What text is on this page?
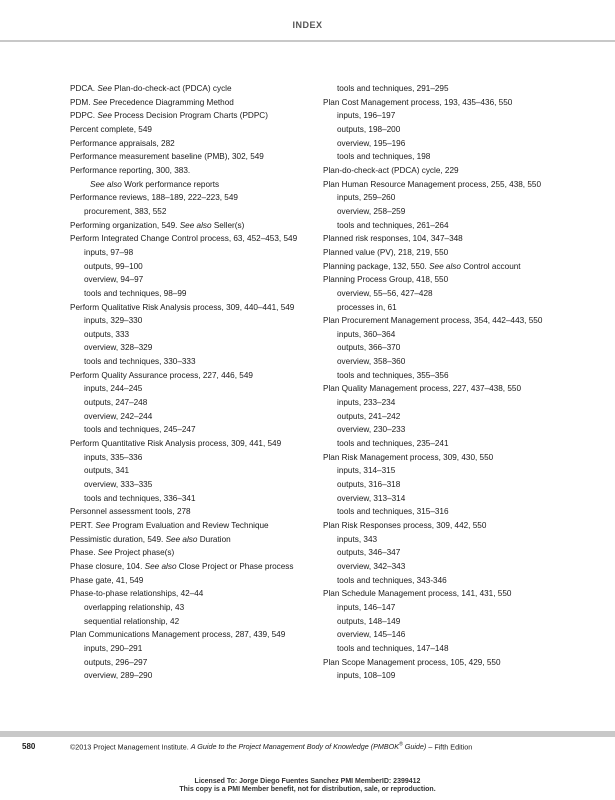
INDEX
PDCA. See Plan-do-check-act (PDCA) cycle
PDM. See Precedence Diagramming Method
PDPC. See Process Decision Program Charts (PDPC)
Percent complete, 549
Performance appraisals, 282
Performance measurement baseline (PMB), 302, 549
Performance reporting, 300, 383.
See also Work performance reports
Performance reviews, 188–189, 222–223, 549
procurement, 383, 552
Performing organization, 549. See also Seller(s)
Perform Integrated Change Control process, 63, 452–453, 549
inputs, 97–98
outputs, 99–100
overview, 94–97
tools and techniques, 98–99
Perform Qualitative Risk Analysis process, 309, 440–441, 549
inputs, 329–330
outputs, 333
overview, 328–329
tools and techniques, 330–333
Perform Quality Assurance process, 227, 446, 549
inputs, 244–245
outputs, 247–248
overview, 242–244
tools and techniques, 245–247
Perform Quantitative Risk Analysis process, 309, 441, 549
inputs, 335–336
outputs, 341
overview, 333–335
tools and techniques, 336–341
Personnel assessment tools, 278
PERT. See Program Evaluation and Review Technique
Pessimistic duration, 549. See also Duration
Phase. See Project phase(s)
Phase closure, 104. See also Close Project or Phase process
Phase gate, 41, 549
Phase-to-phase relationships, 42–44
overlapping relationship, 43
sequential relationship, 42
Plan Communications Management process, 287, 439, 549
inputs, 290–291
outputs, 296–297
overview, 289–290
tools and techniques, 291–295
Plan Cost Management process, 193, 435–436, 550
inputs, 196–197
outputs, 198–200
overview, 195–196
tools and techniques, 198
Plan-do-check-act (PDCA) cycle, 229
Plan Human Resource Management process, 255, 438, 550
inputs, 259–260
overview, 258–259
tools and techniques, 261–264
Planned risk responses, 104, 347–348
Planned value (PV), 218, 219, 550
Planning package, 132, 550. See also Control account
Planning Process Group, 418, 550
overview, 55–56, 427–428
processes in, 61
Plan Procurement Management process, 354, 442–443, 550
inputs, 360–364
outputs, 366–370
overview, 358–360
tools and techniques, 355–356
Plan Quality Management process, 227, 437–438, 550
inputs, 233–234
outputs, 241–242
overview, 230–233
tools and techniques, 235–241
Plan Risk Management process, 309, 430, 550
inputs, 314–315
outputs, 316–318
overview, 313–314
tools and techniques, 315–316
Plan Risk Responses process, 309, 442, 550
inputs, 343
outputs, 346–347
overview, 342–343
tools and techniques, 343-346
Plan Schedule Management process, 141, 431, 550
inputs, 146–147
outputs, 148–149
overview, 145–146
tools and techniques, 147–148
Plan Scope Management process, 105, 429, 550
inputs, 108–109
580	©2013 Project Management Institute. A Guide to the Project Management Body of Knowledge (PMBOK® Guide) – Fifth Edition
Licensed To: Jorge Diego Fuentes Sanchez PMI MemberID: 2399412
This copy is a PMI Member benefit, not for distribution, sale, or reproduction.
